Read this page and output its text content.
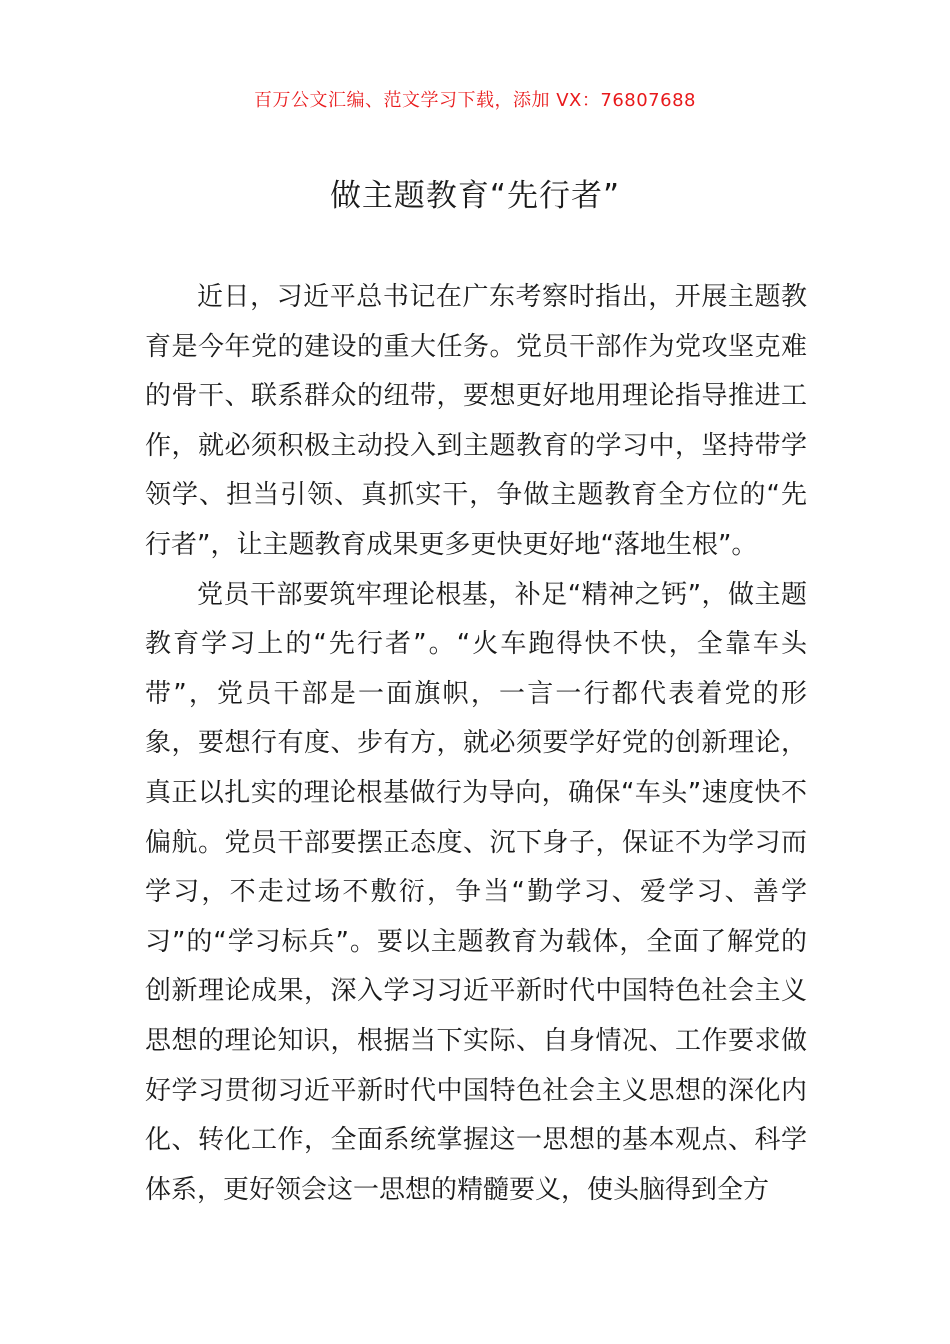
百万公文汇编、范文学习下载，添加 VX：76807688
做主题教育“先行者”

近日，习近平总书记在广东考察时指出，开展主题教育是今年党的建设的重大任务。党员干部作为党攻坚克难的骨干、联系群众的纽带，要想更好地用理论指导推进工作，就必须积极主动投入到主题教育的学习中，坚持带学领学、担当引领、真抓实干，争做主题教育全方位的“先行者”，让主题教育成果更多更快更好地“落地生根”。

党员干部要筑牢理论根基，补足“精神之钙”，做主题教育学习上的“先行者”。“火车跑得快不快，全靠车头带”，党员干部是一面旗帜，一言一行都代表着党的形象，要想行有度、步有方，就必须要学好党的创新理论，真正以扎实的理论根基做行为导向，确保“车头”速度快不偏航。党员干部要摆正态度、沉下身子，保证不为学习而学习，不走过场不敷衍，争当“勤学习、爱学习、善学习”的“学习标兵”。要以主题教育为载体，全面了解党的创新理论成果，深入学习习近平新时代中国特色社会主义思想的理论知识，根据当下实际、自身情况、工作要求做好学习贯彻习近平新时代中国特色社会主义思想的深化内化、转化工作，全面系统掌握这一思想的基本观点、科学体系，更好领会这一思想的精髓要义，使头脑得到全方
